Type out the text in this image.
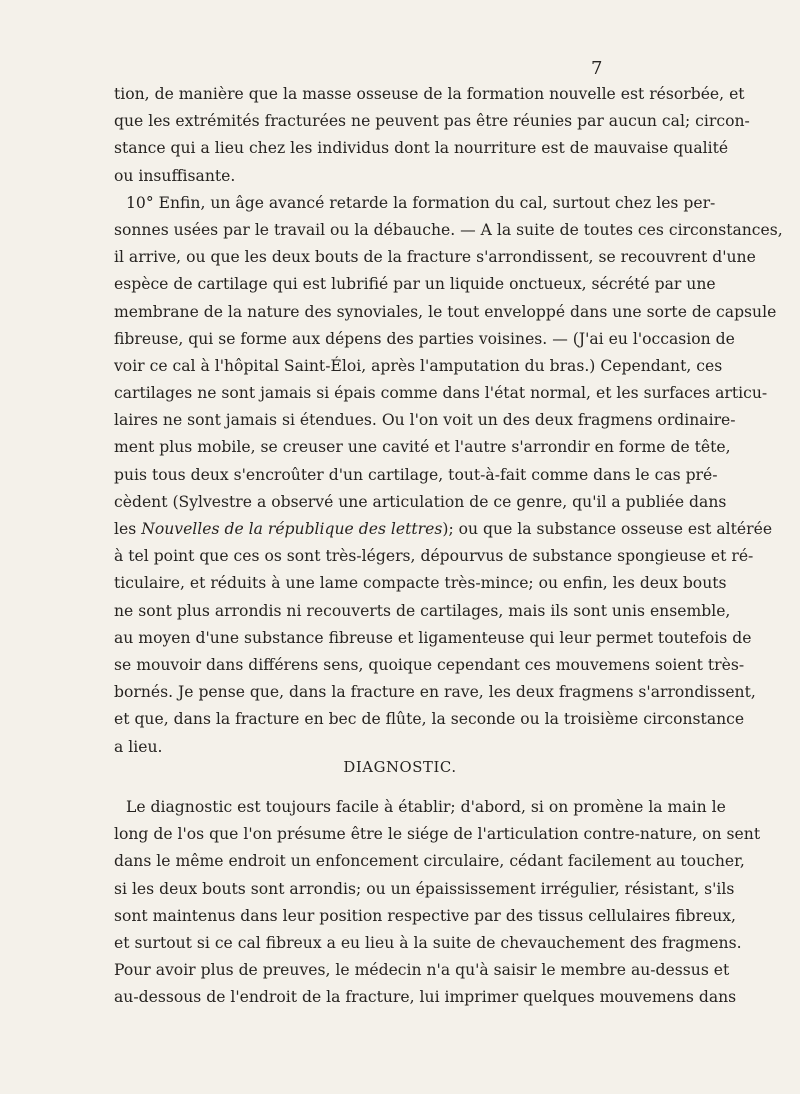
7
tion, de manière que la masse osseuse de la formation nouvelle est résorbée, et
que les extrémités fracturées ne peuvent pas être réunies par aucun cal; circon-
stance qui a lieu chez les individus dont la nourriture est de mauvaise qualité
ou insuffisante.
10° Enfin, un âge avancé retarde la formation du cal, surtout chez les per-
sonnes usées par le travail ou la débauche. — A la suite de toutes ces circonstances,
il arrive, ou que les deux bouts de la fracture s'arrondissent, se recouvrent d'une
espèce de cartilage qui est lubrifié par un liquide onctueux, sécrété par une
membrane de la nature des synoviales, le tout enveloppé dans une sorte de capsule
fibreuse, qui se forme aux dépens des parties voisines. — (J'ai eu l'occasion de
voir ce cal à l'hôpital Saint-Éloi, après l'amputation du bras.) Cependant, ces
cartilages ne sont jamais si épais comme dans l'état normal, et les surfaces articu-
laires ne sont jamais si étendues. Ou l'on voit un des deux fragmens ordinaire-
ment plus mobile, se creuser une cavité et l'autre s'arrondir en forme de tête,
puis tous deux s'encroûter d'un cartilage, tout-à-fait comme dans le cas pré-
cèdent (Sylvestre a observé une articulation de ce genre, qu'il a publiée dans
les Nouvelles de la république des lettres); ou que la substance osseuse est altérée
à tel point que ces os sont très-légers, dépourvus de substance spongieuse et ré-
ticulaire, et réduits à une lame compacte très-mince; ou enfin, les deux bouts
ne sont plus arrondis ni recouverts de cartilages, mais ils sont unis ensemble,
au moyen d'une substance fibreuse et ligamenteuse qui leur permet toutefois de
se mouvoir dans différens sens, quoique cependant ces mouvemens soient très-
bornés. Je pense que, dans la fracture en rave, les deux fragmens s'arrondissent,
et que, dans la fracture en bec de flûte, la seconde ou la troisième circonstance
a lieu.
DIAGNOSTIC.
Le diagnostic est toujours facile à établir; d'abord, si on promène la main le
long de l'os que l'on présume être le siége de l'articulation contre-nature, on sent
dans le même endroit un enfoncement circulaire, cédant facilement au toucher,
si les deux bouts sont arrondis; ou un épaississement irrégulier, résistant, s'ils
sont maintenus dans leur position respective par des tissus cellulaires fibreux,
et surtout si ce cal fibreux a eu lieu à la suite de chevauchement des fragmens.
Pour avoir plus de preuves, le médecin n'a qu'à saisir le membre au-dessus et
au-dessous de l'endroit de la fracture, lui imprimer quelques mouvemens dans
